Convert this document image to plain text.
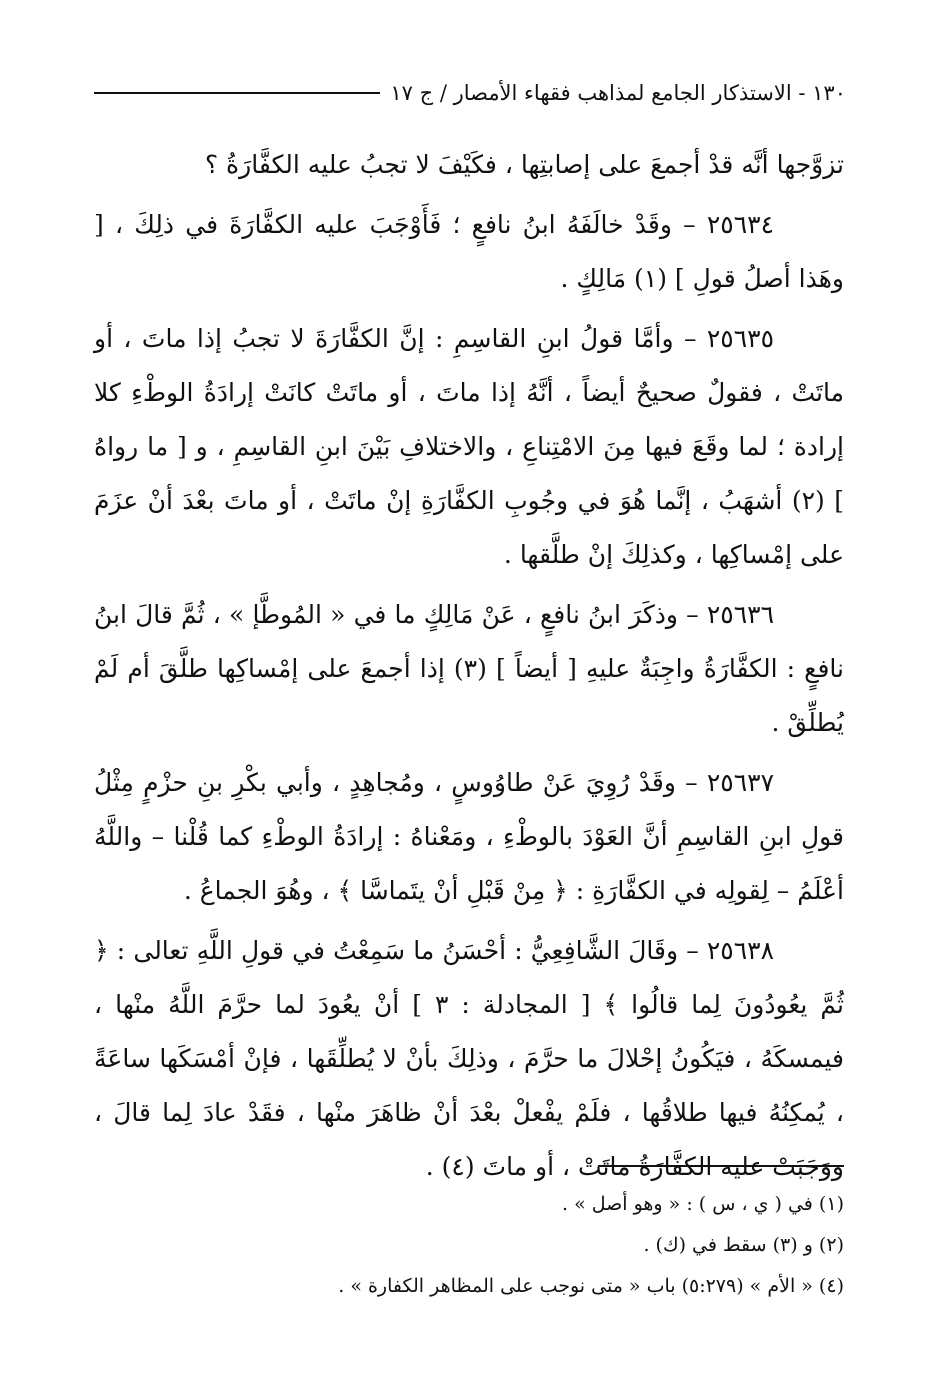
١٣٠ - الاستذكار الجامع لمذاهب فقهاء الأمصار / ج ١٧

تزوَّجها أنَّه قدْ أجمعَ على إصابتِها ، فكَيْفَ لا تجبُ عليه الكفَّارَةُ ؟

٢٥٦٣٤ – وقَدْ خالَفَهُ ابنُ نافعٍ ؛ فَأَوْجَبَ عليه الكفَّارَةَ في ذلِكَ ، [ وهَذا أصلُ قولِ ] (١) مَالِكٍ .

٢٥٦٣٥ – وأمَّا قولُ ابنِ القاسِمِ : إنَّ الكفَّارَةَ لا تجبُ إذا ماتَ ، أو ماتَتْ ، فقولٌ صحيحٌ أيضاً ، أنَّهُ إذا ماتَ ، أو ماتَتْ كانَتْ إرادَةُ الوطْءِ كلا إرادة ؛ لما وقَعَ فيها مِنَ الامْتِناعِ ، والاختلافِ بَيْنَ ابنِ القاسِمِ ، و [ ما رواهُ ] (٢) أشهَبُ ، إنَّما هُوَ في وجُوبِ الكفَّارَةِ إنْ ماتَتْ ، أو ماتَ بعْدَ أنْ عزَمَ على إمْساكِها ، وكذلِكَ إنْ طلَّقها .

٢٥٦٣٦ – وذكَرَ ابنُ نافعٍ ، عَنْ مَالِكٍ ما في « المُوطَّإ » ، ثُمَّ قالَ ابنُ نافعٍ : الكفَّارَةُ واجِبَةٌ عليهِ [ أيضاً ] (٣) إذا أجمعَ على إمْساكِها طلَّقَ أم لَمْ يُطلِّقْ .

٢٥٦٣٧ – وقَدْ رُوِيَ عَنْ طاوُوسٍ ، ومُجاهِدٍ ، وأبي بكْرِ بنِ حزْمٍ مِثْلُ قولِ ابنِ القاسِمِ أنَّ العَوْدَ بالوطْءِ ، ومَعْناهُ : إرادَةُ الوطْءِ كما قُلْنا – واللَّهُ أعْلَمُ – لِقولِه في الكفَّارَةِ : ﴿ مِنْ قَبْلِ أنْ يتَماسَّا ﴾ ، وهُوَ الجماعُ .

٢٥٦٣٨ – وقَالَ الشَّافِعِيُّ : أحْسَنُ ما سَمِعْتُ في قولِ اللَّهِ تعالى : ﴿ ثُمَّ يعُودُونَ لِما قالُوا ﴾ [ المجادلة : ٣ ] أنْ يعُودَ لما حرَّمَ اللَّهُ منْها ، فيمسكَهُ ، فيَكُونُ إحْلالَ ما حرَّمَ ، وذلِكَ بأنْ لا يُطلِّقَها ، فإنْ أمْسَكَها ساعَةً ، يُمكِنُهُ فيها طلاقُها ، فلَمْ يفْعلْ بعْدَ أنْ ظاهَرَ منْها ، فقَدْ عادَ لِما قالَ ، ووَجَبَتْ عليه الكفَّارَةُ ماتَتْ ، أو ماتَ (٤) .

(١) في ( ي ، س ) : « وهو أصل » .

(٢) و (٣) سقط في (ك) .

(٤) « الأم » (٥:٢٧٩) باب « متى نوجب على المظاهر الكفارة » .
